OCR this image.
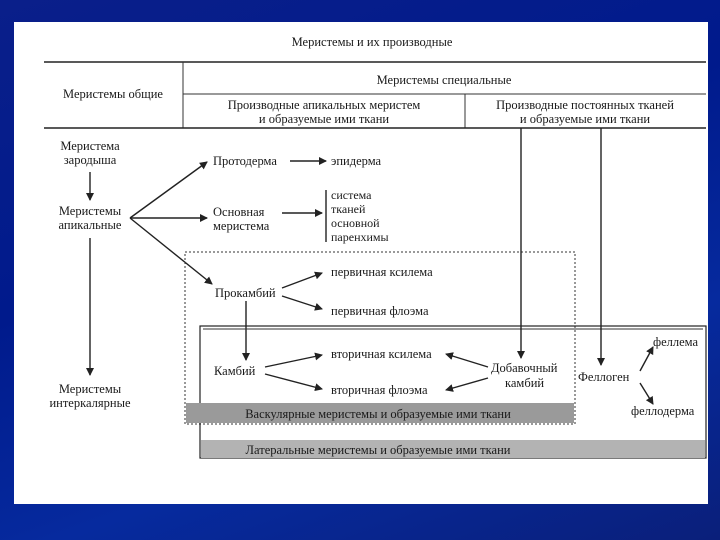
Меристемы и их производные
Меристемы общие
Меристемы специальные
Производные апикальных меристем
и образуемые ими ткани
Производные постоянных тканей
и образуемые ими ткани
Меристема
зародыша
Меристемы
апикальные
Меристемы
интеркалярные
Протодерма	эпидерма
Основная
меристема
система
тканей
основной
паренхимы
Прокамбий
первичная ксилема
первичная флоэма
Камбий
вторичная ксилема
вторичная флоэма
Добавочный
камбий	Феллоген
феллема
феллодерма
Васкулярные меристемы и образуемые ими ткани
Латеральные меристемы и образуемые ими ткани
